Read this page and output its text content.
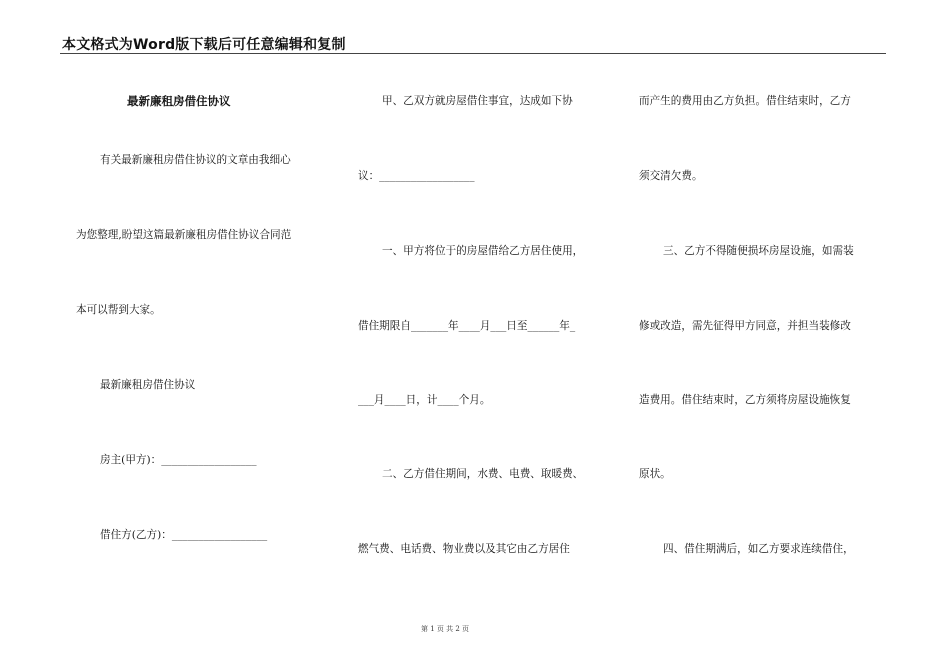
本文格式为Word版下载后可任意编辑和复制
最新廉租房借住协议
有关最新廉租房借住协议的文章由我细心
为您整理,盼望这篇最新廉租房借住协议合同范
本可以帮到大家。
最新廉租房借住协议
房主(甲方)：__________________
借住方(乙方)：__________________
甲、乙双方就房屋借住事宜，达成如下协
议：__________________
一、甲方将位于的房屋借给乙方居住使用，
借住期限自_______年____月___日至______年_
___月____日，计____个月。
二、乙方借住期间，水费、电费、取暖费、
燃气费、电话费、物业费以及其它由乙方居住
而产生的费用由乙方负担。借住结束时，乙方
须交清欠费。
三、乙方不得随便损坏房屋设施，如需装
修或改造，需先征得甲方同意，并担当装修改
造费用。借住结束时，乙方须将房屋设施恢复
原状。
四、借住期满后，如乙方要求连续借住，
第 1 页 共 2 页
